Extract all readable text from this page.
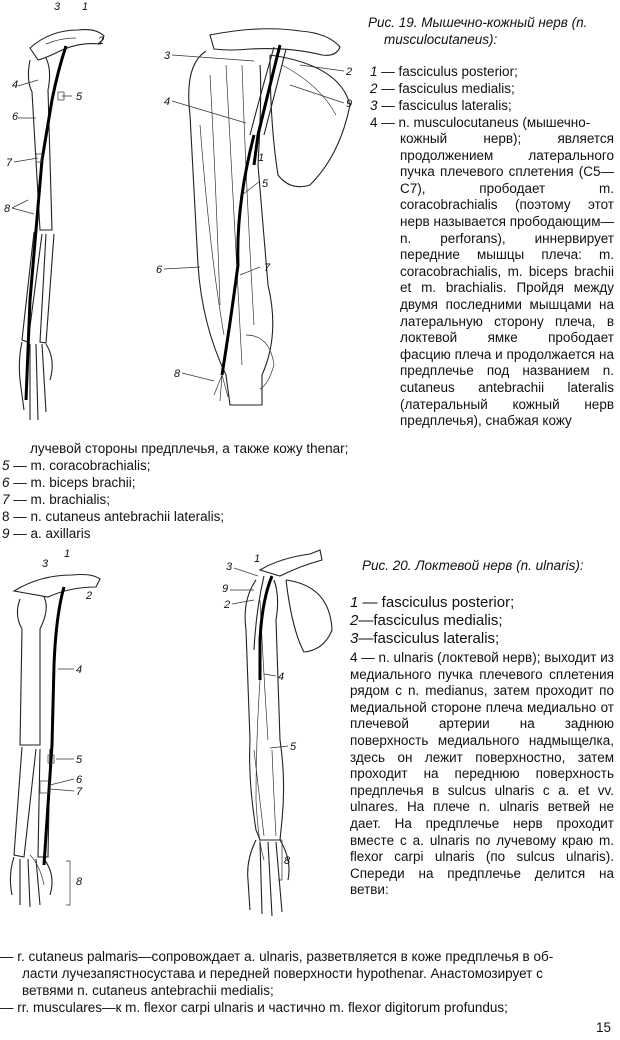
3 1
2
4
5
6
7
8
3
2
9
4
1
5
6	7
8
Рис. 19. Мышечно-кожный нерв (n.
musculocutaneus):
1 — fasciculus posterior;
2 — fasciculus medialis;
3 — fasciculus lateralis;
4 — n. musculocutaneus (мышечно-
кожный нерв); является продолжением латерального пучка плечевого сплетения (C5—C7), прободает m. coracobrachialis (поэтому этот нерв называется прободающим—n. perforans), иннервирует передние мышцы плеча: m. coracobrachialis, m. biceps brachii et m. brachialis. Пройдя между двумя последними мышцами на латеральную сторону плеча, в локтевой ямке прободает фасцию плеча и продолжается на предплечье под названием n. cutaneus antebrachii lateralis (латеральный кожный нерв предплечья), снабжая кожу
лучевой стороны предплечья, а также кожу thenar;
5 — m. coracobrachialis;
6 — m. biceps brachii;
7 — m. brachialis;
8 — n. cutaneus antebrachii lateralis;
9 — a. axillaris
3
1
2
4
5
6
7
8
3
1
9
2
4
5
8
Рис. 20. Локтевой нерв (n. ulnaris):
1 — fasciculus posterior;
2—fasciculus medialis;
3—fasciculus lateralis;
4 — n. ulnaris (локтевой нерв); выходит из медиального пучка плечевого сплетения рядом с n. medianus, затем проходит по медиальной стороне плеча медиально от плечевой артерии на заднюю поверхность медиального надмыщелка, здесь он лежит поверхностно, затем проходит на переднюю поверхность предплечья в sulcus ulnaris с a. et vv. ulnares. На плече n. ulnaris ветвей не дает. На предплечье нерв проходит вместе с a. ulnaris по лучевому краю m. flexor carpi ulnaris (по sulcus ulnaris). Спереди на предплечье делится на ветви:
— r. cutaneus palmaris—сопровождает a. ulnaris, разветвляется в коже предплечья в об-
ласти лучезапястносустава и передней поверхности hypothenar. Анастомозирует с
ветвями n. cutaneus antebrachii medialis;
— rr. musculares—к m. flexor carpi ulnaris и частично m. flexor digitorum profundus;
15
